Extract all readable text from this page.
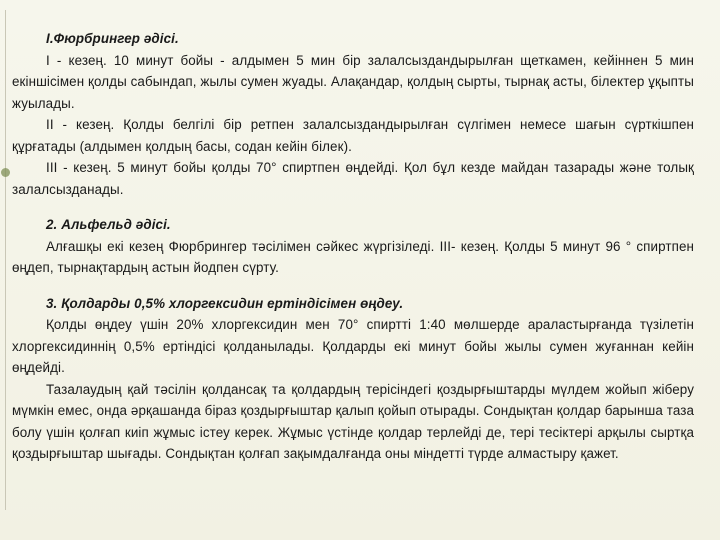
I.Фюрбрингер әдісі.

I - кезең. 10 минут бойы - алдымен 5 мин бір залалсыздандырылған щеткамен, кейіннен 5 мин екіншісімен қолды сабындап, жылы сумен жуады. Алақандар, қолдың сырты, тырнақ асты, білектер ұқыпты жуылады.

II - кезең. Қолды белгілі бір ретпен залалсыздандырылған сүлгімен немесе шағын сүрткішпен құрғатады (алдымен қолдың басы, содан кейін білек).

III - кезең. 5 минут бойы қолды 70° спиртпен өңдейді. Қол бұл кезде майдан тазарады және толық залалсызданады.

2. Альфельд әдісі.

Алғашқы екі кезең Фюрбрингер тәсілімен сәйкес жүргізіледі. ІІІ- кезең. Қолды 5 минут 96 ° спиртпен өңдеп, тырнақтардың астын йодпен сүрту.

3. Қолдарды 0,5% хлоргексидин ертіндісімен өңдеу.

Қолды өңдеу үшін 20% хлоргексидин мен 70° спиртті 1:40 мөлшерде араластырғанда түзілетін хлоргексидиннің 0,5% ертіндісі қолданылады. Қолдарды екі минут бойы жылы сумен жуғаннан кейін өңдейді.

Тазалаудың қай тәсілін қолдансақ та қолдардың терісіндегі қоздырғыштарды мүлдем жойып жіберу мүмкін емес, онда әрқашанда біраз қоздырғыштар қалып қойып отырады. Сондықтан қолдар барынша таза болу үшін қолғап киіп жұмыс істеу керек. Жұмыс үстінде қолдар терлейді де, тері тесіктері арқылы сыртқа қоздырғыштар шығады. Сондықтан қолғап зақымдалғанда оны міндетті түрде алмастыру қажет.
